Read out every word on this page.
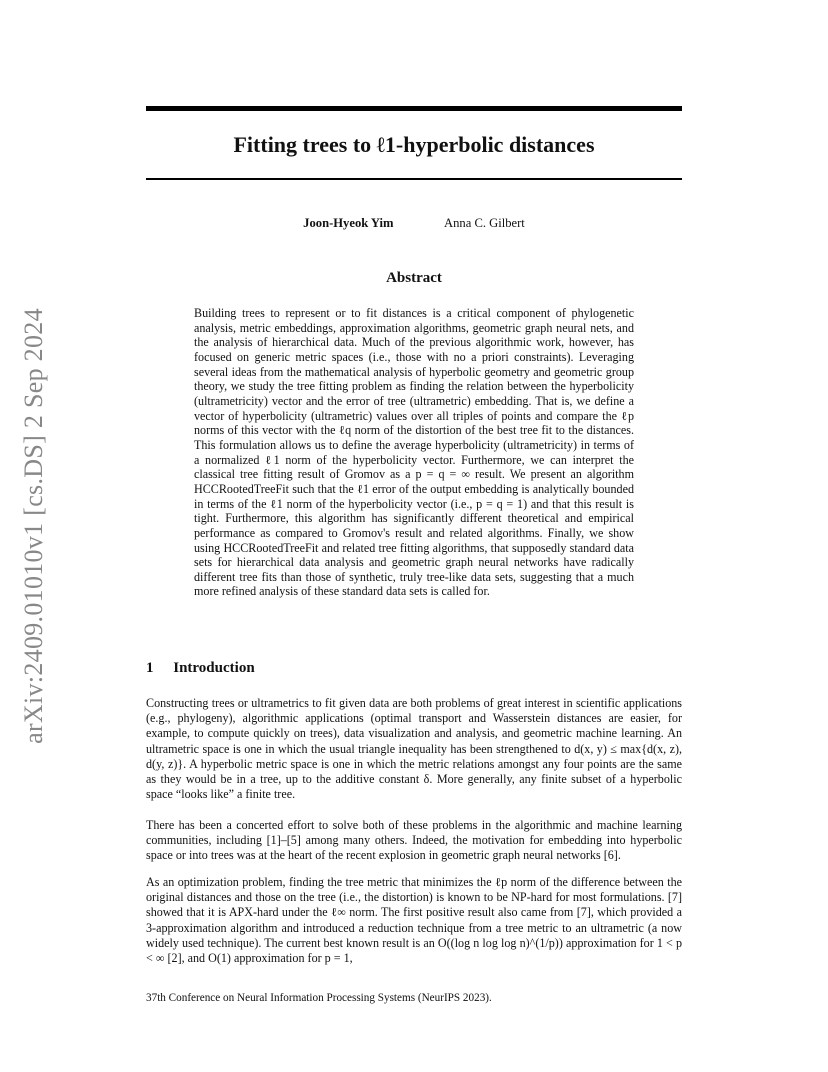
arXiv:2409.01010v1 [cs.DS] 2 Sep 2024
Fitting trees to ℓ1-hyperbolic distances

Joon-Hyeok Yim	Anna C. Gilbert

Abstract

Building trees to represent or to fit distances is a critical component of phylogenetic analysis, metric embeddings, approximation algorithms, geometric graph neural nets, and the analysis of hierarchical data. Much of the previous algorithmic work, however, has focused on generic metric spaces (i.e., those with no a priori constraints). Leveraging several ideas from the mathematical analysis of hyperbolic geometry and geometric group theory, we study the tree fitting problem as finding the relation between the hyperbolicity (ultrametricity) vector and the error of tree (ultrametric) embedding. That is, we define a vector of hyperbolicity (ultrametric) values over all triples of points and compare the ℓp norms of this vector with the ℓq norm of the distortion of the best tree fit to the distances. This formulation allows us to define the average hyperbolicity (ultrametricity) in terms of a normalized ℓ1 norm of the hyperbolicity vector. Furthermore, we can interpret the classical tree fitting result of Gromov as a p = q = ∞ result. We present an algorithm HCCRootedTreeFit such that the ℓ1 error of the output embedding is analytically bounded in terms of the ℓ1 norm of the hyperbolicity vector (i.e., p = q = 1) and that this result is tight. Furthermore, this algorithm has significantly different theoretical and empirical performance as compared to Gromov's result and related algorithms. Finally, we show using HCCRootedTreeFit and related tree fitting algorithms, that supposedly standard data sets for hierarchical data analysis and geometric graph neural networks have radically different tree fits than those of synthetic, truly tree-like data sets, suggesting that a much more refined analysis of these standard data sets is called for.

1 Introduction

Constructing trees or ultrametrics to fit given data are both problems of great interest in scientific applications (e.g., phylogeny), algorithmic applications (optimal transport and Wasserstein distances are easier, for example, to compute quickly on trees), data visualization and analysis, and geometric machine learning. An ultrametric space is one in which the usual triangle inequality has been strengthened to d(x, y) ≤ max{d(x, z), d(y, z)}. A hyperbolic metric space is one in which the metric relations amongst any four points are the same as they would be in a tree, up to the additive constant δ. More generally, any finite subset of a hyperbolic space “looks like” a finite tree.

There has been a concerted effort to solve both of these problems in the algorithmic and machine learning communities, including [1]–[5] among many others. Indeed, the motivation for embedding into hyperbolic space or into trees was at the heart of the recent explosion in geometric graph neural networks [6].

As an optimization problem, finding the tree metric that minimizes the ℓp norm of the difference between the original distances and those on the tree (i.e., the distortion) is known to be NP-hard for most formulations. [7] showed that it is APX-hard under the ℓ∞ norm. The first positive result also came from [7], which provided a 3-approximation algorithm and introduced a reduction technique from a tree metric to an ultrametric (a now widely used technique). The current best known result is an O((log n log log n)^(1/p)) approximation for 1 < p < ∞ [2], and O(1) approximation for p = 1,

37th Conference on Neural Information Processing Systems (NeurIPS 2023).
